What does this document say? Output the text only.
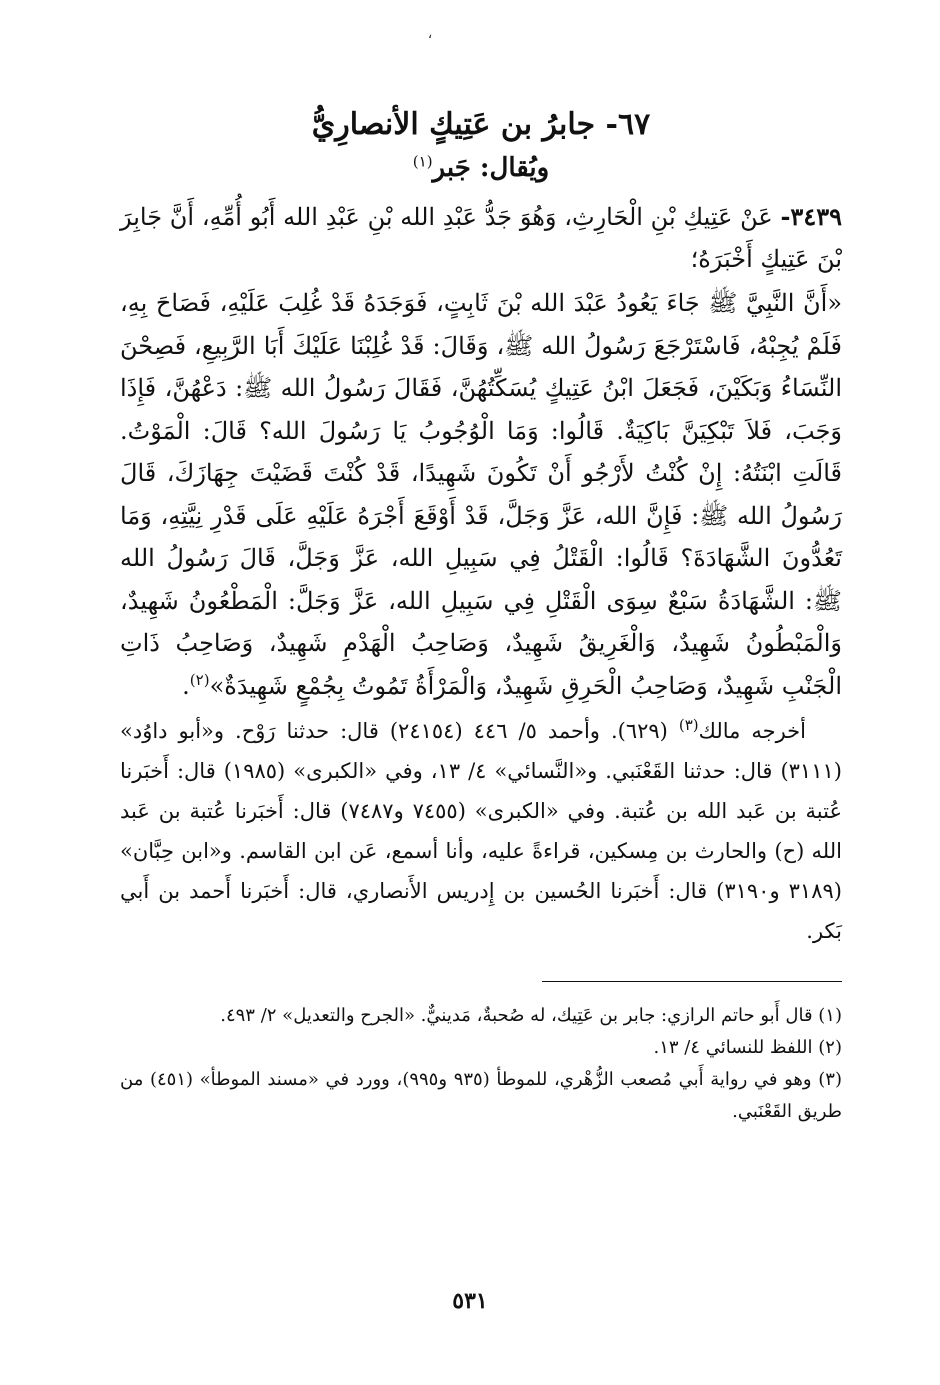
،
٦٧- جابرُ بن عَتِيكٍ الأنصارِيُّ
ويُقال: جَبر$^{(١)}$

٣٤٣٩- عَنْ عَتِيكِ بْنِ الْحَارِثِ، وَهُوَ جَدُّ عَبْدِ الله بْنِ عَبْدِ الله أَبُو أُمِّهِ، أَنَّ جَابِرَ بْنَ عَتِيكٍ أَخْبَرَهُ؛

«أَنَّ النَّبِيَّ ﷺ جَاءَ يَعُودُ عَبْدَ الله بْنَ ثَابِتٍ، فَوَجَدَهُ قَدْ غُلِبَ عَلَيْهِ، فَصَاحَ بِهِ، فَلَمْ يُجِبْهُ، فَاسْتَرْجَعَ رَسُولُ الله ﷺ، وَقَالَ: قَدْ غُلِبْنَا عَلَيْكَ أَبَا الرَّبِيعِ، فَصِحْنَ النِّسَاءُ وَبَكَيْنَ، فَجَعَلَ ابْنُ عَتِيكٍ يُسَكِّتُهُنَّ، فَقَالَ رَسُولُ الله ﷺ: دَعْهُنَّ، فَإِذَا وَجَبَ، فَلاَ تَبْكِيَنَّ بَاكِيَةٌ. قَالُوا: وَمَا الْوُجُوبُ يَا رَسُولَ الله؟ قَالَ: الْمَوْتُ. قَالَتِ ابْنَتُهُ: إِنْ كُنْتُ لأَرْجُو أَنْ تَكُونَ شَهِيدًا، قَدْ كُنْتَ قَضَيْتَ جِهَازَكَ، قَالَ رَسُولُ الله ﷺ: فَإِنَّ الله، عَزَّ وَجَلَّ، قَدْ أَوْقَعَ أَجْرَهُ عَلَيْهِ عَلَى قَدْرِ نِيَّتِهِ، وَمَا تَعُدُّونَ الشَّهَادَةَ؟ قَالُوا: الْقَتْلُ فِي سَبِيلِ الله، عَزَّ وَجَلَّ، قَالَ رَسُولُ الله ﷺ: الشَّهَادَةُ سَبْعٌ سِوَى الْقَتْلِ فِي سَبِيلِ الله، عَزَّ وَجَلَّ: الْمَطْعُونُ شَهِيدٌ، وَالْمَبْطُونُ شَهِيدٌ، وَالْغَرِيقُ شَهِيدٌ، وَصَاحِبُ الْهَدْمِ شَهِيدٌ، وَصَاحِبُ ذَاتِ الْجَنْبِ شَهِيدٌ، وَصَاحِبُ الْحَرِقِ شَهِيدٌ، وَالْمَرْأَةُ تَمُوتُ بِجُمْعٍ شَهِيدَةٌ»$^{(٢)}$.

أخرجه مالك$^{(٣)}$ (٦٢٩). وأحمد ٥/ ٤٤٦ (٢٤١٥٤) قال: حدثنا رَوْح. و«أبو داوُد» (٣١١١) قال: حدثنا القَعْنَبي. و«النَّسائي» ٤/ ١٣، وفي «الكبرى» (١٩٨٥) قال: أَخبَرنا عُتبة بن عَبد الله بن عُتبة. وفي «الكبرى» (٧٤٥٥ و٧٤٨٧) قال: أَخبَرنا عُتبة بن عَبد الله (ح) والحارث بن مِسكين، قراءةً عليه، وأنا أسمع، عَن ابن القاسم. و«ابن حِبَّان» (٣١٨٩ و٣١٩٠) قال: أَخبَرنا الحُسين بن إِدريس الأَنصاري، قال: أَخبَرنا أَحمد بن أَبي بَكر.

(١) قال أَبو حاتم الرازي: جابر بن عَتِيك، له صُحبةٌ، مَدينيٌّ. «الجرح والتعديل» ٢/ ٤٩٣.
(٢) اللفظ للنسائي ٤/ ١٣.
(٣) وهو في رواية أَبي مُصعب الزُّهْري، للموطأ (٩٣٥ و٩٩٥)، وورد في «مسند الموطأ» (٤٥١) من طريق القَعْنَبي.
٥٣١
